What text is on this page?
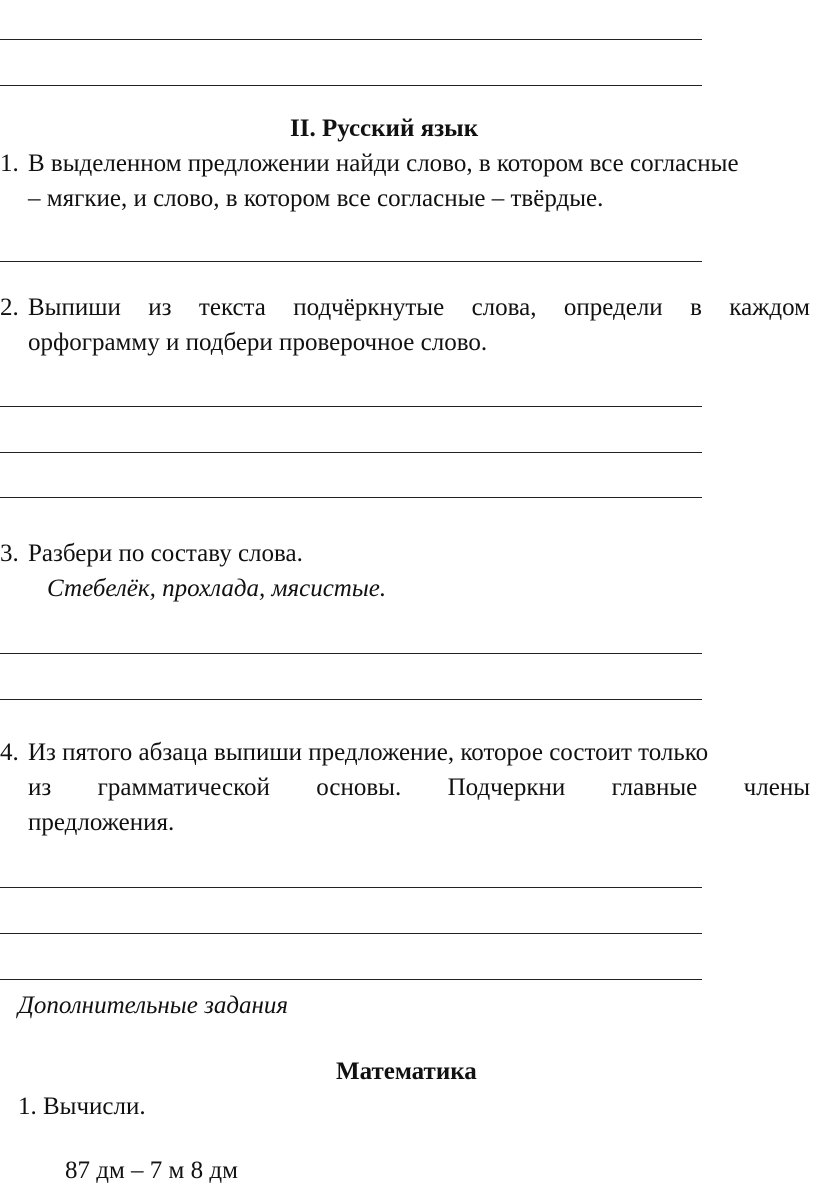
II. Русский язык
1. В выделенном предложении найди слово, в котором все согласные
– мягкие, и слово, в котором все согласные – твёрдые.
2. Выпиши из текста подчёркнутые слова, определи в каждом
орфограмму и подбери проверочное слово.
3. Разбери по составу слова.
Стебелёк, прохлада, мясистые.
4. Из пятого абзаца выпиши предложение, которое состоит только
из грамматической основы. Подчеркни главные члены
предложения.
Дополнительные задания
Математика
1. Вычисли.
87 дм – 7 м 8 дм
